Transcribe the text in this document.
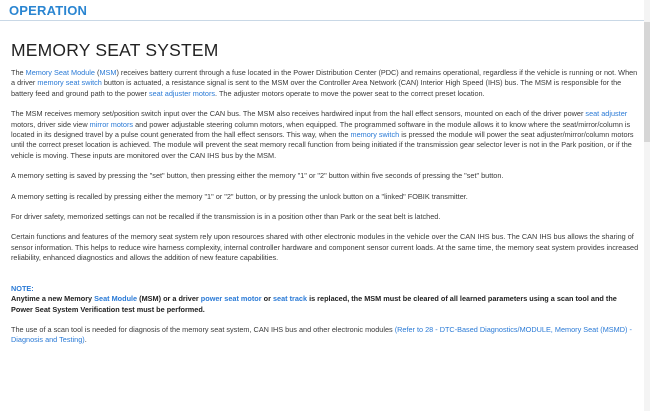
OPERATION
MEMORY SEAT SYSTEM

The Memory Seat Module (MSM) receives battery current through a fuse located in the Power Distribution Center (PDC) and remains operational, regardless if the vehicle is running or not. When a driver memory seat switch button is actuated, a resistance signal is sent to the MSM over the Controller Area Network (CAN) Interior High Speed (IHS) bus. The MSM is responsible for the battery feed and ground path to the power seat adjuster motors. The adjuster motors operate to move the power seat to the correct preset location.

The MSM receives memory set/position switch input over the CAN bus. The MSM also receives hardwired input from the hall effect sensors, mounted on each of the driver power seat adjuster motors, driver side view mirror motors and power adjustable steering column motors, when equipped. The programmed software in the module allows it to know where the seat/mirror/column is located in its designed travel by a pulse count generated from the hall effect sensors. This way, when the memory switch is pressed the module will power the seat adjuster/mirror/column motors until the correct preset location is achieved. The module will prevent the seat memory recall function from being initiated if the transmission gear selector lever is not in the Park position, or if the vehicle is moving. These inputs are monitored over the CAN IHS bus by the MSM.

A memory setting is saved by pressing the "set" button, then pressing either the memory "1" or "2" button within five seconds of pressing the "set" button.

A memory setting is recalled by pressing either the memory "1" or "2" button, or by pressing the unlock button on a "linked" FOBIK transmitter.

For driver safety, memorized settings can not be recalled if the transmission is in a position other than Park or the seat belt is latched.

Certain functions and features of the memory seat system rely upon resources shared with other electronic modules in the vehicle over the CAN IHS bus. The CAN IHS bus allows the sharing of sensor information. This helps to reduce wire harness complexity, internal controller hardware and component sensor current loads. At the same time, the memory seat system provides increased reliability, enhanced diagnostics and allows the addition of new feature capabilities.

NOTE:

Anytime a new Memory Seat Module (MSM) or a driver power seat motor or seat track is replaced, the MSM must be cleared of all learned parameters using a scan tool and the Power Seat System Verification test must be performed.

The use of a scan tool is needed for diagnosis of the memory seat system, CAN IHS bus and other electronic modules (Refer to 28 - DTC-Based Diagnostics/MODULE, Memory Seat (MSMD) - Diagnosis and Testing).
